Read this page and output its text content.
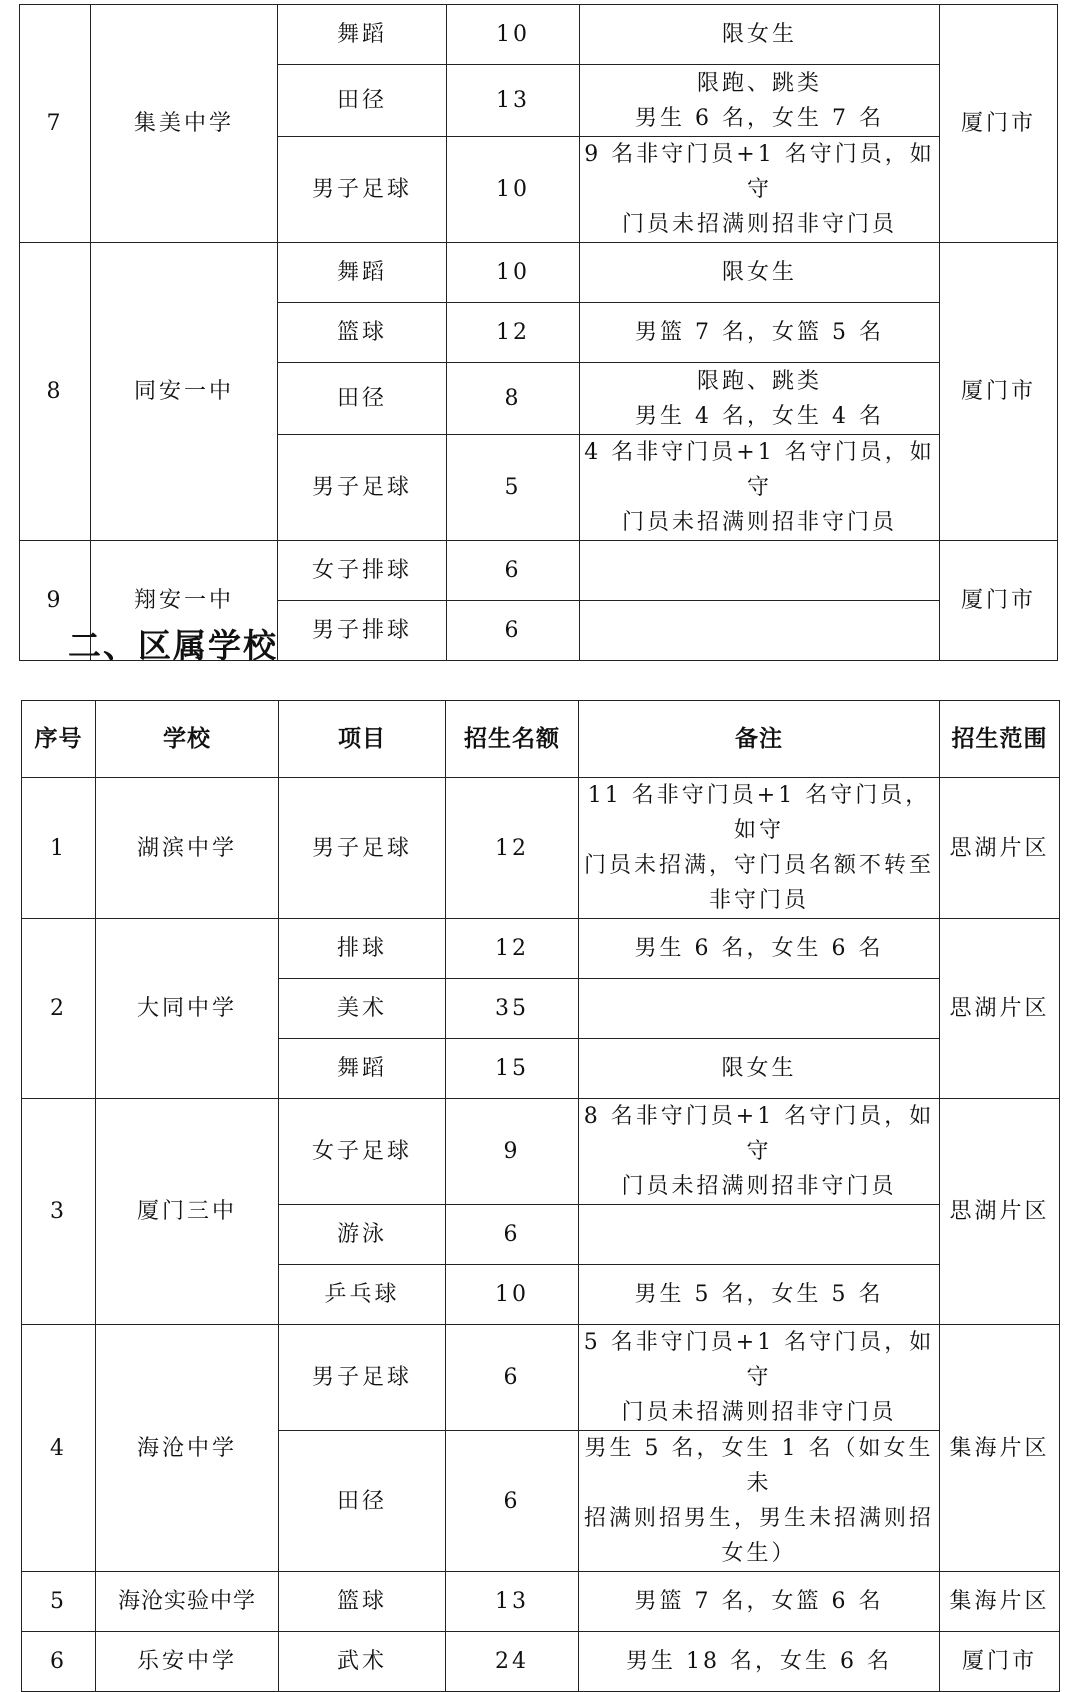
7	集美中学	舞蹈	10	限女生	厦门市
		田径	13	限跑、跳类
男生 6 名，女生 7 名	

		男子足球	10	9 名非守门员+1 名守门员，如守
门员未招满则招非守门员	

8	同安一中	舞蹈	10	限女生	厦门市
		篮球	12	男篮 7 名，女篮 5 名	
		田径	8	限跑、跳类
男生 4 名，女生 4 名	

		男子足球	5	4 名非守门员+1 名守门员，如守
门员未招满则招非守门员	

9	翔安一中	女子排球	6		厦门市
		男子排球	6		
二、区属学校
序号	学校	项目	招生名额	备注	招生范围
1	湖滨中学	男子足球	12	11 名非守门员+1 名守门员，如守
门员未招满，守门员名额不转至
非守门员	思湖片区
2	大同中学	排球	12	男生 6 名，女生 6 名	思湖片区
		美术	35		
		舞蹈	15	限女生	
3	厦门三中	女子足球	9	8 名非守门员+1 名守门员，如守
门员未招满则招非守门员	思湖片区
		游泳	6		
		乒乓球	10	男生 5 名，女生 5 名	
4	海沧中学	男子足球	6	5 名非守门员+1 名守门员，如守
门员未招满则招非守门员	集海片区
		田径	6	男生 5 名，女生 1 名（如女生未
招满则招男生，男生未招满则招
女生）	

5	海沧实验中学	篮球	13	男篮 7 名，女篮 6 名	集海片区
6	乐安中学	武术	24	男生 18 名，女生 6 名	厦门市
